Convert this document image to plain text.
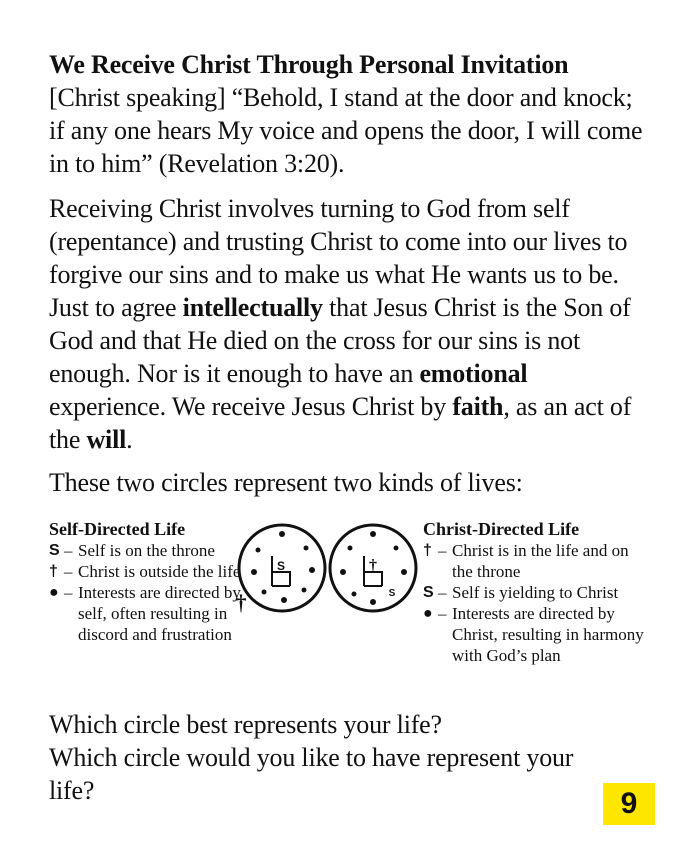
We Receive Christ Through Personal Invitation

[Christ speaking] “Behold, I stand at the door and knock; if any one hears My voice and opens the door, I will come in to him” (Revelation 3:20).

Receiving Christ involves turning to God from self (repentance) and trusting Christ to come into our lives to forgive our sins and to make us what He wants us to be. Just to agree intellectually that Jesus Christ is the Son of God and that He died on the cross for our sins is not enough. Nor is it enough to have an emotional experience. We receive Jesus Christ by faith, as an act of the will.

These two circles represent two kinds of lives:

Self-Directed Life
S – Self is on the throne
† – Christ is outside the life
● – Interests are directed by self, often resulting in discord and frustration
S
†
†
S
Christ-Directed Life
† – Christ is in the life and on the throne
S – Self is yielding to Christ
● – Interests are directed by Christ, resulting in harmony with God’s plan

Which circle best represents your life?

Which circle would you like to have represent your life?	9
